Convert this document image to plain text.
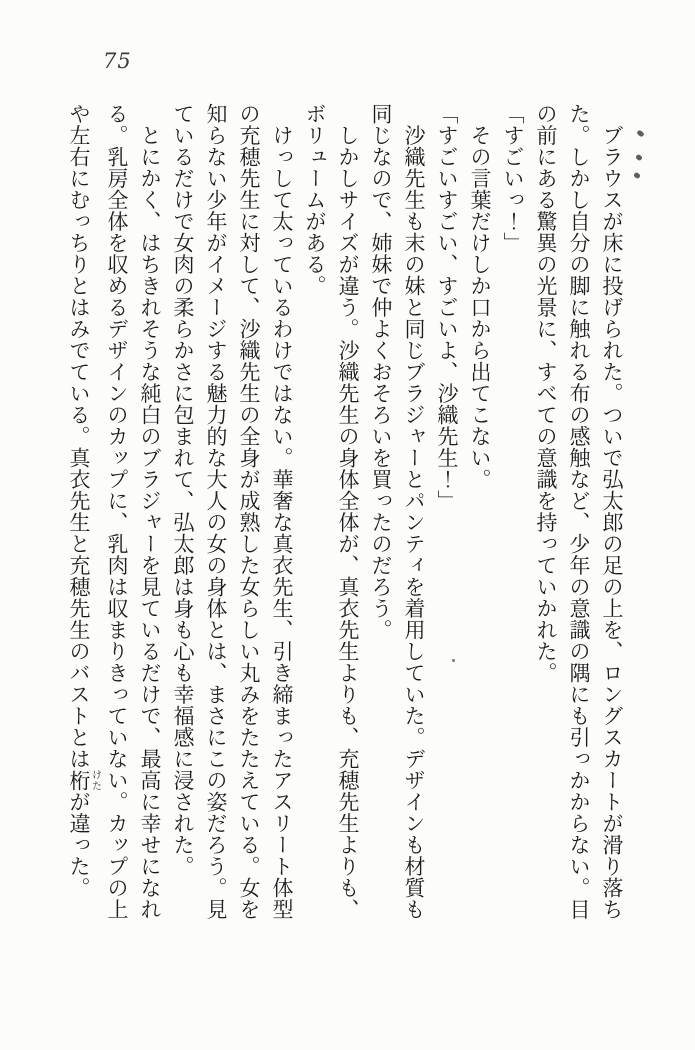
75
　ブラウスが床に投げられた。ついで弘太郎の足の上を、ロングスカートが滑り落ち
た。しかし自分の脚に触れる布の感触など、少年の意識の隅にも引っかからない。目
の前にある驚異の光景に、すべての意識を持っていかれた。
「すごいっ！」
　その言葉だけしか口から出てこない。
「すごいすごい、すごいよ、沙織先生！」
　沙織先生も末の妹と同じブラジャーとパンティを着用していた。デザインも材質も
同じなので、姉妹で仲よくおそろいを買ったのだろう。
　しかしサイズが違う。沙織先生の身体全体が、真衣先生よりも、充穂先生よりも、
ボリュームがある。
　けっして太っているわけではない。華奢な真衣先生、引き締まったアスリート体型
の充穂先生に対して、沙織先生の全身が成熟した女らしい丸みをたたえている。女を
知らない少年がイメージする魅力的な大人の女の身体とは、まさにこの姿だろう。見
ているだけで女肉の柔らかさに包まれて、弘太郎は身も心も幸福感に浸された。
　とにかく、はちきれそうな純白のブラジャーを見ているだけで、最高に幸せになれ
る。乳房全体を収めるデザインのカップに、乳肉は収まりきっていない。カップの上
や左右にむっちりとはみでている。真衣先生と充穂先生のバストとは桁けたが違った。
